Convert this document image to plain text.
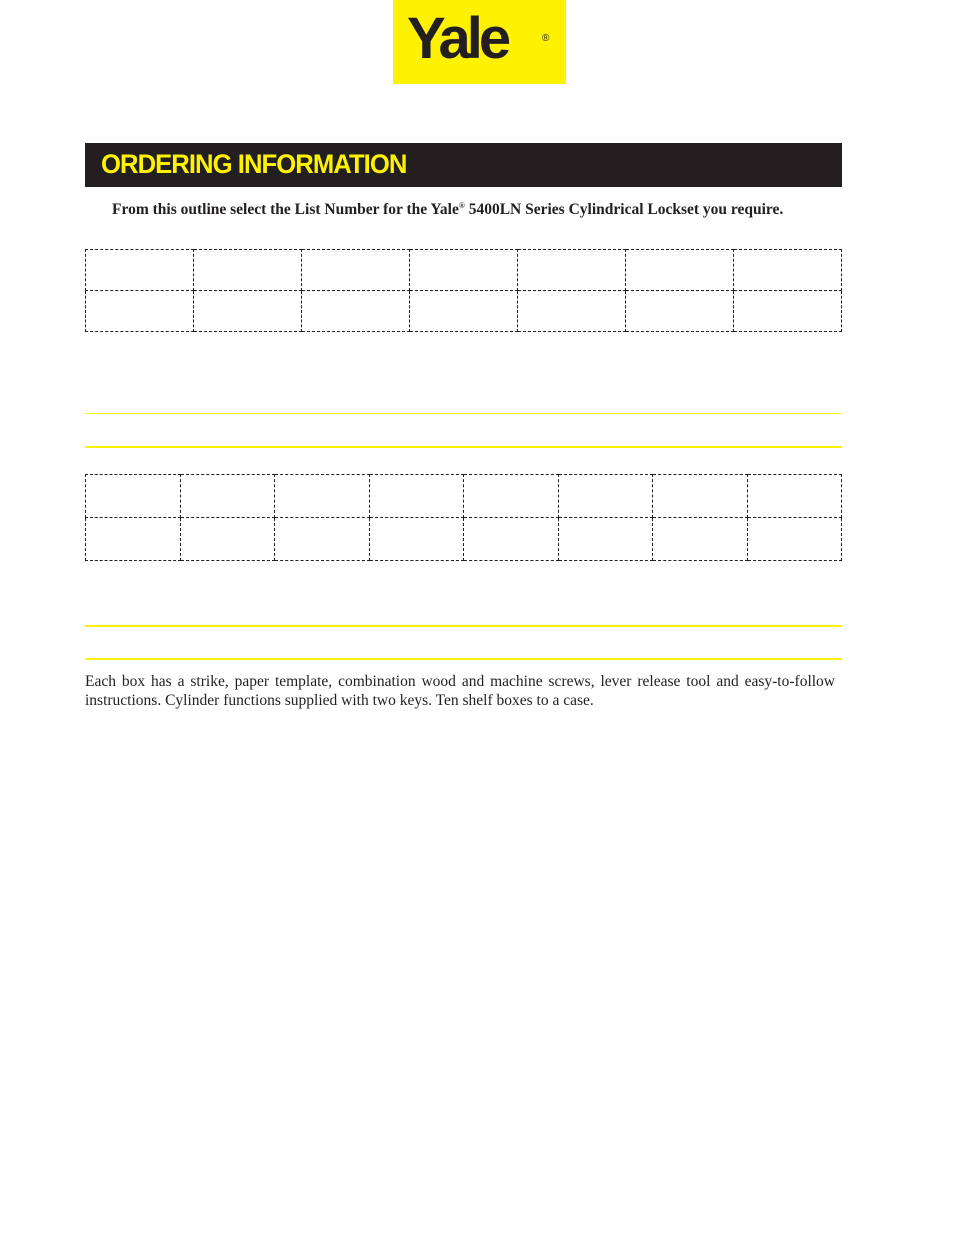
Yale	®
ORDERING INFORMATION
From this outline select the List Number for the Yale® 5400LN Series Cylindrical Lockset you require.

Each box has a strike, paper template, combination wood and machine screws, lever release tool and easy-to-follow instructions. Cylinder functions supplied with two keys. Ten shelf boxes to a case.
